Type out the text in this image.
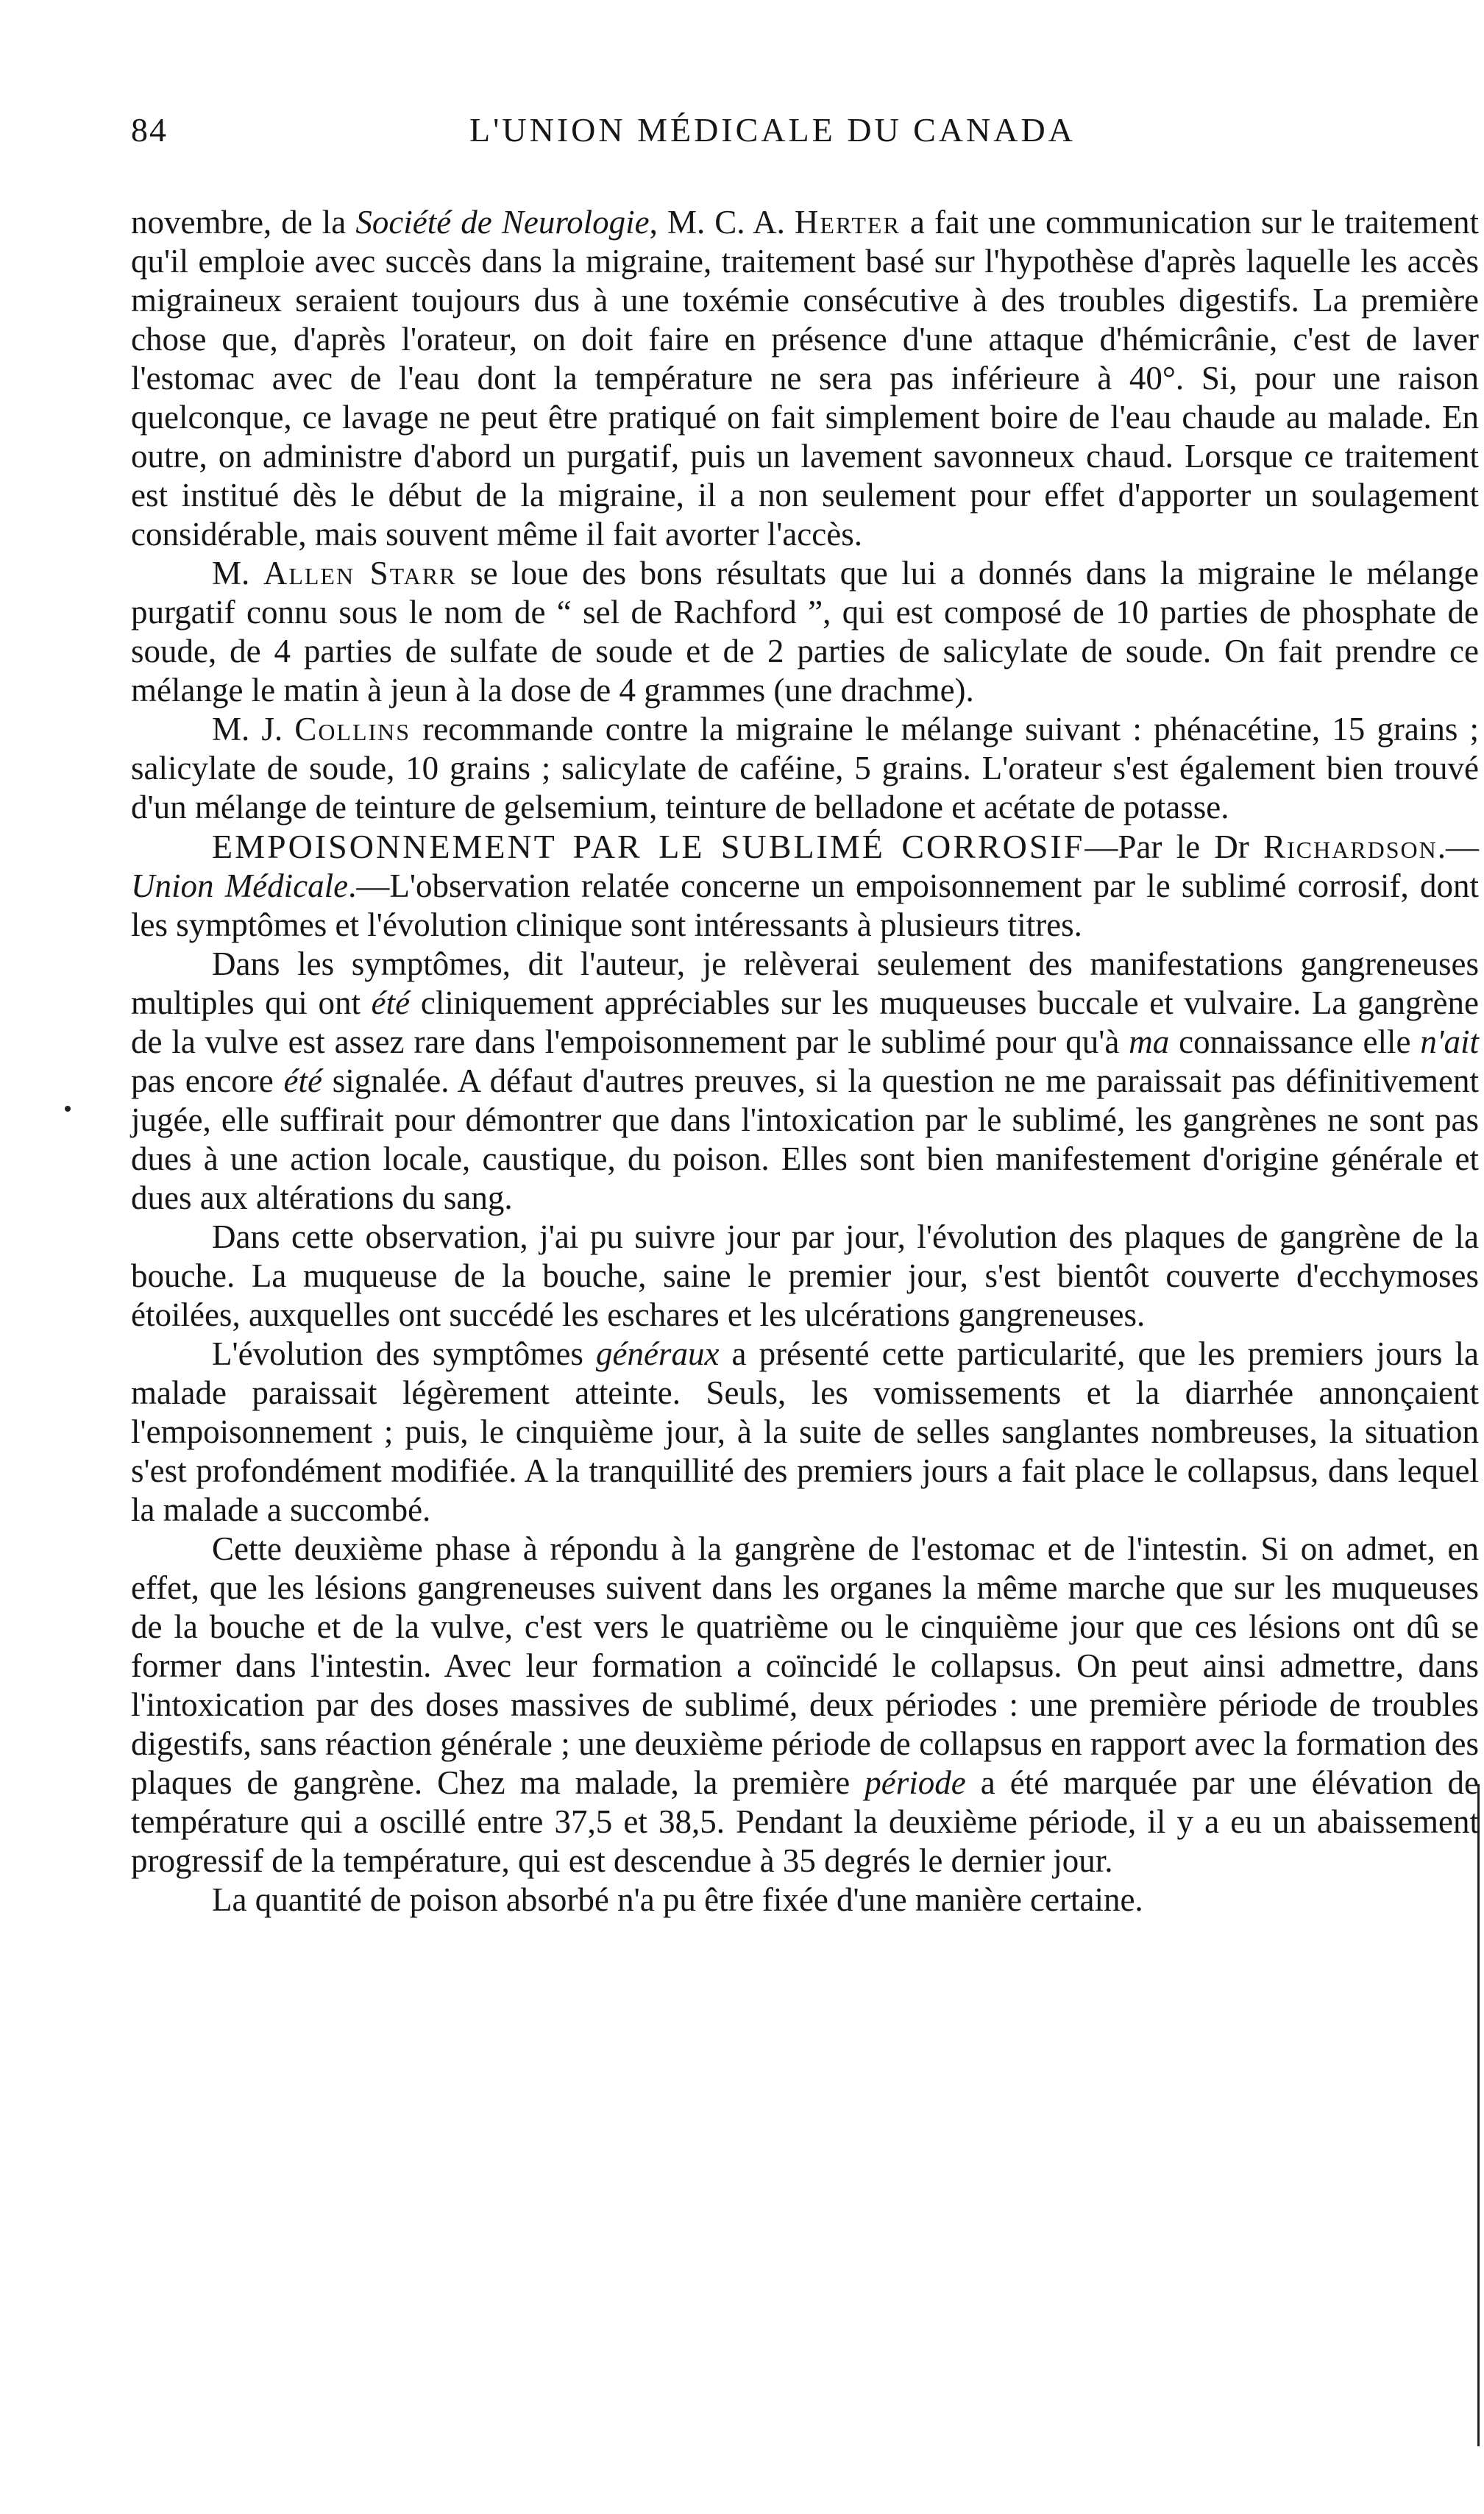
84	L'UNION MÉDICALE DU CANADA

novembre, de la Société de Neurologie, M. C. A. Herter a fait une communication sur le traitement qu'il emploie avec succès dans la migraine, traitement basé sur l'hypothèse d'après laquelle les accès migraineux seraient toujours dus à une toxémie consécutive à des troubles digestifs. La première chose que, d'après l'orateur, on doit faire en présence d'une attaque d'hémicrânie, c'est de laver l'estomac avec de l'eau dont la température ne sera pas inférieure à 40°. Si, pour une raison quelconque, ce lavage ne peut être pratiqué on fait simplement boire de l'eau chaude au malade. En outre, on administre d'abord un purgatif, puis un lavement savonneux chaud. Lorsque ce traitement est institué dès le début de la migraine, il a non seulement pour effet d'apporter un soulagement considérable, mais souvent même il fait avorter l'accès.

M. Allen Starr se loue des bons résultats que lui a donnés dans la migraine le mélange purgatif connu sous le nom de “ sel de Rachford ”, qui est composé de 10 parties de phosphate de soude, de 4 parties de sulfate de soude et de 2 parties de salicylate de soude. On fait prendre ce mélange le matin à jeun à la dose de 4 grammes (une drachme).

M. J. Collins recommande contre la migraine le mélange suivant : phénacétine, 15 grains ; salicylate de soude, 10 grains ; salicylate de caféine, 5 grains. L'orateur s'est également bien trouvé d'un mélange de teinture de gelsemium, teinture de belladone et acétate de potasse.

EMPOISONNEMENT PAR LE SUBLIMÉ CORROSIF—Par le Dr Richardson.—Union Médicale.—L'observation relatée concerne un empoisonnement par le sublimé corrosif, dont les symptômes et l'évolution clinique sont intéressants à plusieurs titres.

Dans les symptômes, dit l'auteur, je relèverai seulement des manifestations gangreneuses multiples qui ont été cliniquement appréciables sur les muqueuses buccale et vulvaire. La gangrène de la vulve est assez rare dans l'empoisonnement par le sublimé pour qu'à ma connaissance elle n'ait pas encore été signalée. A défaut d'autres preuves, si la question ne me paraissait pas définitivement jugée, elle suffirait pour démontrer que dans l'intoxication par le sublimé, les gangrènes ne sont pas dues à une action locale, caustique, du poison. Elles sont bien manifestement d'origine générale et dues aux altérations du sang.

Dans cette observation, j'ai pu suivre jour par jour, l'évolution des plaques de gangrène de la bouche. La muqueuse de la bouche, saine le premier jour, s'est bientôt couverte d'ecchymoses étoilées, auxquelles ont succédé les eschares et les ulcérations gangreneuses.

L'évolution des symptômes généraux a présenté cette particularité, que les premiers jours la malade paraissait légèrement atteinte. Seuls, les vomissements et la diarrhée annonçaient l'empoisonnement ; puis, le cinquième jour, à la suite de selles sanglantes nombreuses, la situation s'est profondément modifiée. A la tranquillité des premiers jours a fait place le collapsus, dans lequel la malade a succombé.

Cette deuxième phase à répondu à la gangrène de l'estomac et de l'intestin. Si on admet, en effet, que les lésions gangreneuses suivent dans les organes la même marche que sur les muqueuses de la bouche et de la vulve, c'est vers le quatrième ou le cinquième jour que ces lésions ont dû se former dans l'intestin. Avec leur formation a coïncidé le collapsus. On peut ainsi admettre, dans l'intoxication par des doses massives de sublimé, deux périodes : une première période de troubles digestifs, sans réaction générale ; une deuxième période de collapsus en rapport avec la formation des plaques de gangrène. Chez ma malade, la première période a été marquée par une élévation de température qui a oscillé entre 37,5 et 38,5. Pendant la deuxième période, il y a eu un abaissement progressif de la température, qui est descendue à 35 degrés le dernier jour.

La quantité de poison absorbé n'a pu être fixée d'une manière certaine.
